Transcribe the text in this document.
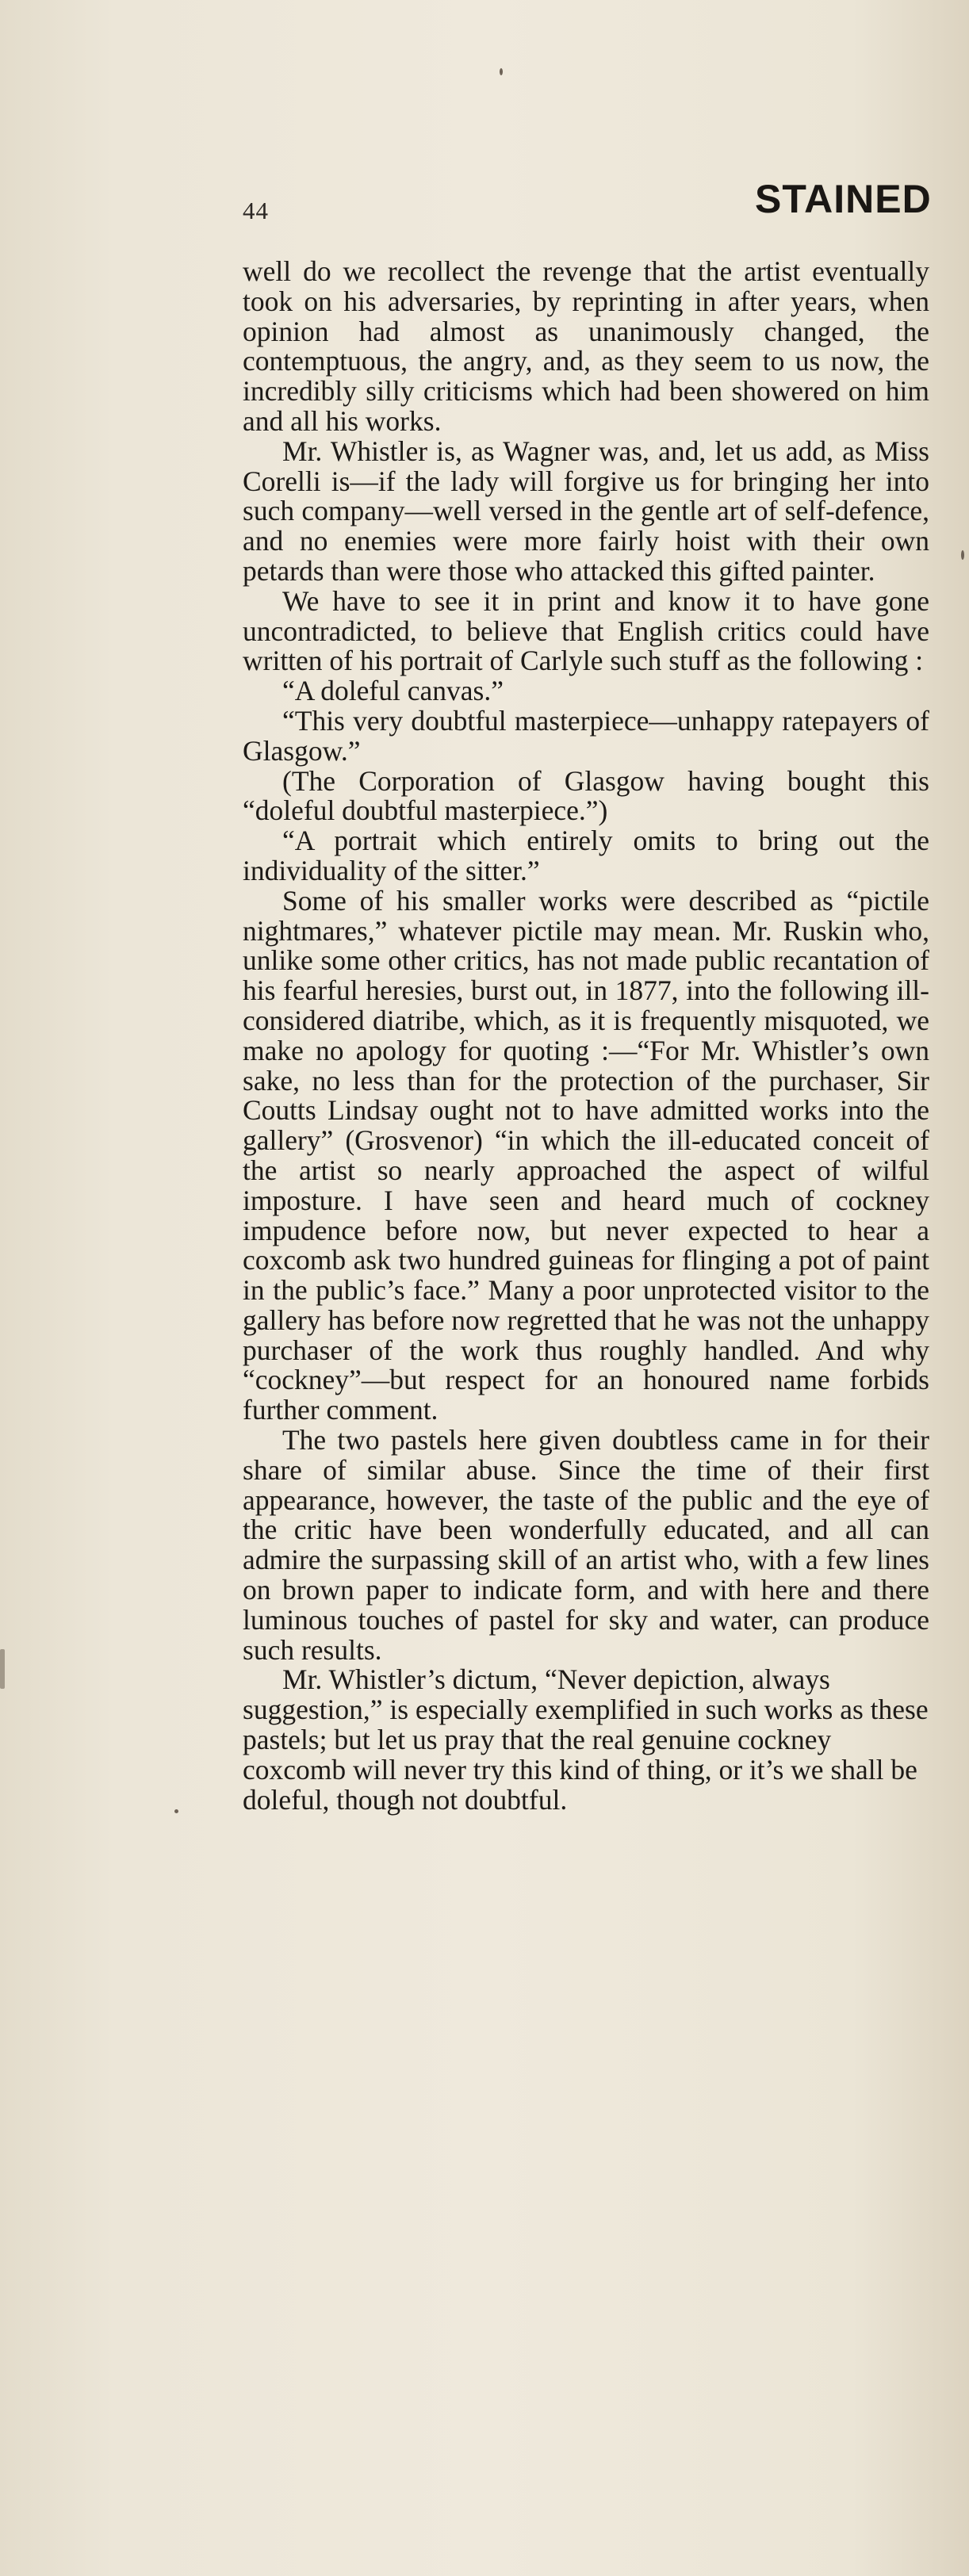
44	STAINED

well do we recollect the revenge that the artist eventually took on his adversaries, by reprinting in after years, when opinion had almost as unanimously changed, the contemptuous, the angry, and, as they seem to us now, the incredibly silly criticisms which had been showered on him and all his works.

Mr. Whistler is, as Wagner was, and, let us add, as Miss Corelli is—if the lady will forgive us for bringing her into such company—well versed in the gentle art of self-defence, and no enemies were more fairly hoist with their own petards than were those who attacked this gifted painter.

We have to see it in print and know it to have gone uncontradicted, to believe that English critics could have written of his portrait of Carlyle such stuff as the following :

“A doleful canvas.”

“This very doubtful masterpiece—unhappy ratepayers of Glasgow.”

(The Corporation of Glasgow having bought this “doleful doubtful masterpiece.”)

“A portrait which entirely omits to bring out the individuality of the sitter.”

Some of his smaller works were described as “pictile nightmares,” whatever pictile may mean. Mr. Ruskin who, unlike some other critics, has not made public recantation of his fearful heresies, burst out, in 1877, into the following ill-considered diatribe, which, as it is frequently misquoted, we make no apology for quoting :—“For Mr. Whistler’s own sake, no less than for the protection of the purchaser, Sir Coutts Lindsay ought not to have admitted works into the gallery” (Grosvenor) “in which the ill-educated conceit of the artist so nearly approached the aspect of wilful imposture. I have seen and heard much of cockney impudence before now, but never expected to hear a coxcomb ask two hundred guineas for flinging a pot of paint in the public’s face.” Many a poor unprotected visitor to the gallery has before now regretted that he was not the unhappy purchaser of the work thus roughly handled. And why “cockney”—but respect for an honoured name forbids further comment.

The two pastels here given doubtless came in for their share of similar abuse. Since the time of their first appearance, however, the taste of the public and the eye of the critic have been wonderfully educated, and all can admire the surpassing skill of an artist who, with a few lines on brown paper to indicate form, and with here and there luminous touches of pastel for sky and water, can produce such results.

Mr. Whistler’s dictum, “Never depiction, always suggestion,” is especially exemplified in such works as these pastels; but let us pray that the real genuine cockney coxcomb will never try this kind of thing, or it’s we shall be doleful, though not doubtful.
